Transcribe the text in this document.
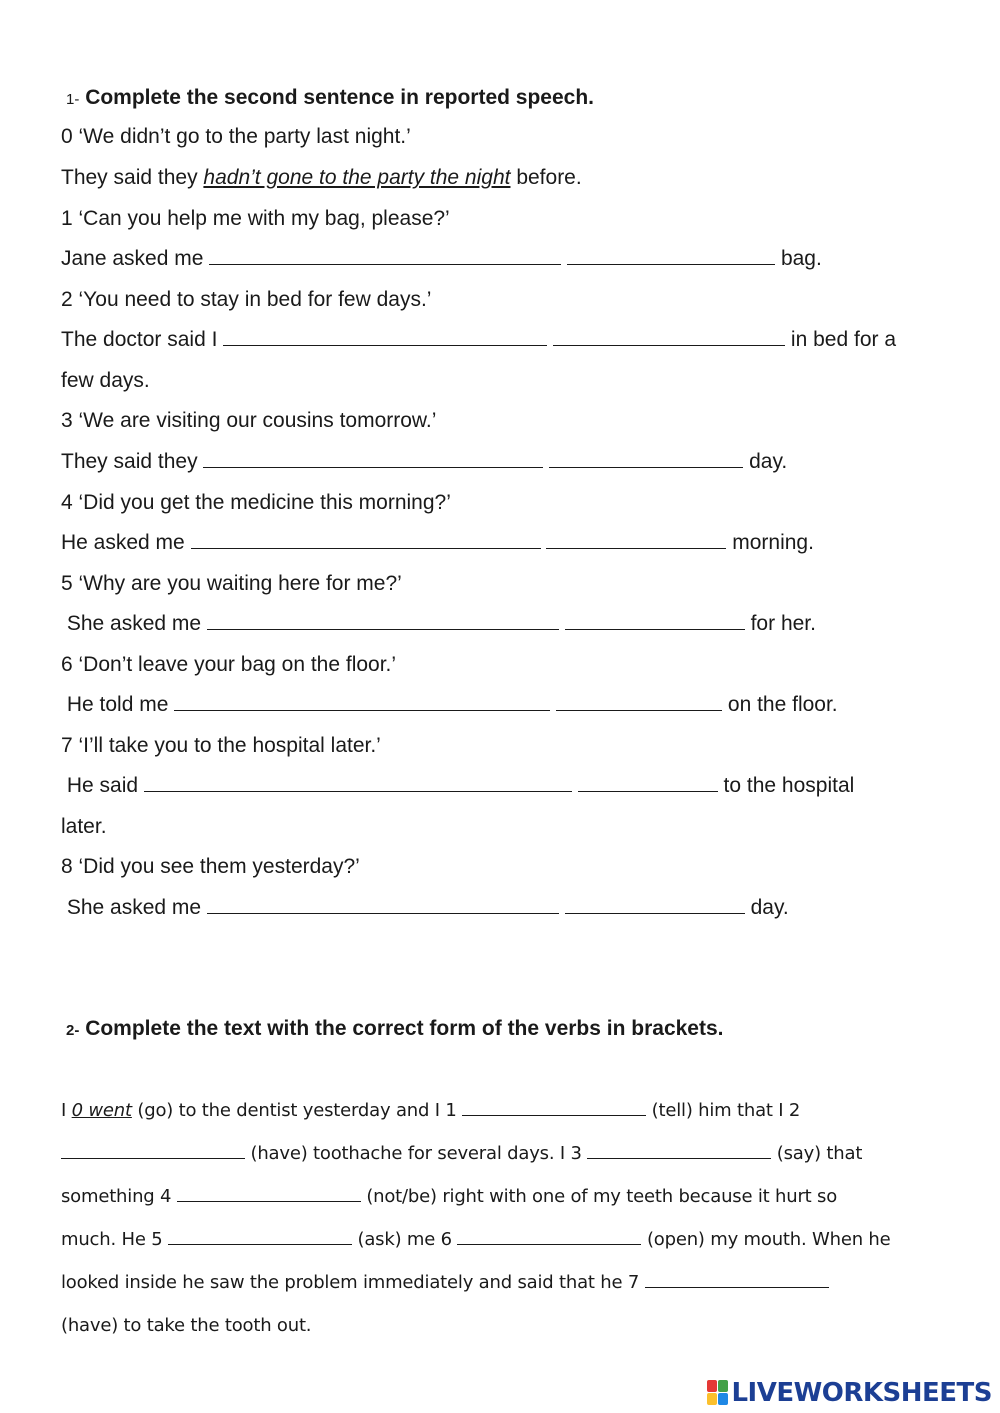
1- Complete the second sentence in reported speech.
0 ‘We didn’t go to the party last night.’
They said they hadn’t gone to the party the night before.
1 ‘Can you help me with my bag, please?’
Jane asked me	bag.
2 ‘You need to stay in bed for few days.’
The doctor said I	in bed for a
few days.
3 ‘We are visiting our cousins tomorrow.’
They said they	day.
4 ‘Did you get the medicine this morning?’
He asked me	morning.
5 ‘Why are you waiting here for me?’
She asked me	for her.
6 ‘Don’t leave your bag on the floor.’
He told me	on the floor.
7 ‘I’ll take you to the hospital later.’
He said	to the hospital
later.
8 ‘Did you see them yesterday?’
She asked me	day.
2- Complete the text with the correct form of the verbs in brackets.
I 0 went (go) to the dentist yesterday and I 1	(tell) him that I 2
(have) toothache for several days. I 3	(say) that
something 4	(not/be) right with one of my teeth because it hurt so
much. He 5	(ask) me 6	(open) my mouth. When he
looked inside he saw the problem immediately and said that he 7
(have) to take the tooth out.
LIVEWORKSHEETS
